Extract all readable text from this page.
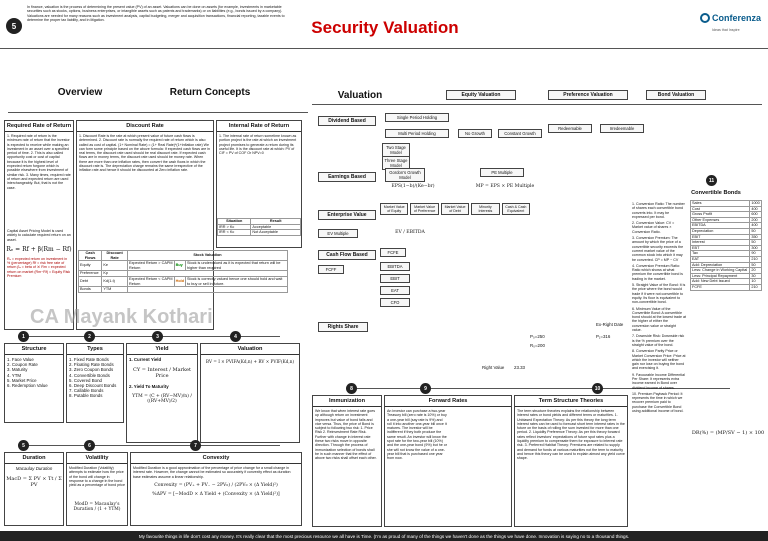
5
In finance, valuation is the process of determining the present value (PV) of an asset. Valuations can be done on assets (for example, investments in marketable securities such as stocks, options, business enterprises, or intangible assets such as patents and trademarks) or on liabilities (e.g., bonds issued by a company). Valuations are needed for many reasons such as investment analysis, capital budgeting, merger and acquisition transactions, financial reporting, taxable events to determine the proper tax liability, and in litigation.	Security Valuation	Conferenza
Ideas that Inspire
Overview	Return Concepts
Required Rate of Return
1. Required rate of return is the minimum rate of return that the investor is expected to receive while making an investment in an asset over a specified period of time. 2. This is also called opportunity cost or cost of capital because it is the highest level of expected return forgone which is possible elsewhere from investment of similar risk. 3. Many times, required rate of return and expected return are used interchangeably. But, that is not the case.
Capital Asset Pricing Model is used widely to calculate required return on an asset.
Rₑ = Rf + β(Rm − Rf)
Rₑ = expected return on investment in % (percentage) Rf = risk free rate of return βₐ = beta of 'a' Rm = expected return on market (Rm−Rf) = Equity Risk Premium
Discount Rate
1. Discount Rate is the rate at which present value of future cash flows is determined. 2. Discount rate is normally the required rate of return which is also called as cost of capital. (1+ Nominal Rate) = (1+ Real Rate)*(1+Inflation rate) We can form some principle based on the above formula: If expected cash flows are in real terms, the discount rate used should be real discount rate. If expected cash flows are in money terms, the discount rate used should be money rate. When there are more than one inflation rates, then convert the cash flows in which the discount rate is. The depreciation charge remains the same irrespective of the inflation rate and hence it should be discounted at Zero inflation rate.
Cash Flows	Discount Rate	Stock Valuation		
Equity	Ke	Expected Return > CAPM Return	Buy	Stock is undervalued as it is expected that return will be higher than required
Preference	Kp			
Debt	Kd(1-t)	Expected Return < CAPM Return	Hold	Stock is correctly valued hence one should hold and wait to buy or sell in future.
Bonds	YTM			
Internal Rate of Return
1. The internal rate of return sometime known as portion project is the rate at which an investment project promises to generate a return during its useful life. It is the discount rate at which: PV of CIF = PV of COF Or NPV=0
Situation	Result
IRR > Kc	Acceptable
IRR < Kc	Not Acceptable
CA Mayank Kothari
1	2	3	4
Structure
1. Face Value
2. Coupon Rate
3. Maturity
4. YTM
5. Market Price
6. Redemption Value
Types
1. Fixed Rate Bonds
2. Floating Rate Bonds
3. Zero Coupon Bonds
4. Convertible Bonds
5. Covered Bond
6. Deep Discount Bonds
7. Callable Bonds
8. Putable Bonds
Yield
1. Current Yield
CY = Interest / Market Price
2. Yield To Maturity
YTM = (C + (RV−MV)/n) / ((RV+MV)/2)
Valuation
BV = I × PVIFA(Kd,n) + RV × PVIF(Kd,n)
5	6	7
Duration
Macaulay Duration
MacD = Σ PV × Tt / Σ PV
Volatility
Modified Duration (Volatility) attempts to estimate how the price of the bond will change in response to a change in the bond yield as a percentage of bond price
ModD = Macaulay's Duration / (1 + YTM)
Convexity
Modified Duration is a good approximation of the percentage of price change for a small change in interest rate. However, the change cannot be estimated so accurately if convexity effect as duration base estimates assume a linear relationship.
Convexity = (PV₊ + PV₋ − 2PV₀) / (2PV₀ × (Δ Yield)²)
%ΔPV = [−ModD × Δ Yield + (Convexity × (Δ Yield)²)]
Valuation	Equity Valuation	Preference Valuation	Bond Valuation
Dividend Based
Single Period Holding
Multi Period Holding	No Growth	Constant Growth
Two Stage Model
Three Stage Model
Earnings Based
Gordon's Growth Model
EPS(1−b)/(Ke−br)
PE Multiple
MP = EPS × PE Multiple
Enterprise Value
Market Value of Equity
Market Value of Preference
Market Value of Debt
Minority Interests
Cash & Cash Equivalent
EV Multiple	EV / EBITDA
Cash Flow Based	FCFE
FCFF
EBITDA
EBIT
EAT
CFO
Rights Share	Ex-Right Date
Right Value
P₀=250	P₁=316
R₀=200
23.33
Redeemable	Irredeemable
8	9	10
Immunization
We know that when interest rate goes up although return on investment improves but value of bond falls and vice versa. Thus, the price of Bond is subject to following two risk: 1. Price Risk 2. Reinvestment Rate Risk. Further with change in interest rate these two risks move in opposite direction. Through the process of immunization selection of bonds shall be in such manner that the effect of above two risks shall offset each other.
Forward Rates
An investor can purchase a two-year Treasury bill (zero rate is 10%) or buy a one-year bill (say rate is 9%) and roll it into another one-year bill once it matures. The investor will be indifferent if they both produce the same result. An investor will know the spot rate for the two-year bill (10%) and the one-year bond (9%) but he or she will not know the value of a one-year bill that is purchased one year from now.
Term Structure Theories
The term structure theories explains the relationship between interest rates or bond yields and different terms or maturities. 1. Unbiased Expectation Theory: As per this theory the long term interest rates can be used to forecast short term interest rates in the future on the basis of rolling the sum invested for more than one period. 2. Liquidity Preference Theory: As per this theory forward rates reflect investors' expectations of future spot rates plus a liquidity premium to compensate them for exposure to interest rate risk. 3. Preferred Habitat Theory: Premiums are related to supply and demand for funds at various maturities not the term to maturity and hence this theory can be used to explain almost any yield curve shape.
11
Convertible Bonds
Sales	1000
Cost	400
Gross Profit	600
Other Expenses	200
EBITDA	400
Depreciation	50
EBIT	350
Interest	50
EBT	300
Tax	90
EAT	210
Add: Depreciation	50
Less: Change in Working Capital	20
Less: Principal Repayment	30
Add: New Debt Issued	10
FCFE	210
1. Conversion Ratio: The number of shares each convertible bond converts into. It may be expressed per bond.
2. Conversion Value: CV = Market value of shares × Conversion Ratio.
3. Conversion Premium: The amount by which the price of a convertible security exceeds the current market value of the common stock into which it may be converted. CP = MP − CV
4. Conversion Premium Ratio: Ratio which shows at what premium the convertible bond is trading in the market.
5. Straight Value of the Bond: It is the price where the bond would trade if it were not convertible to equity. Its floor is equivalent to non-convertible bond.
6. Minimum Value of the Convertible Bond: A convertible bond should at the lowest trade at the higher of either the conversion value or straight value.
7. Downside Risk: Downside risk is the % premium over the straight value of the bond.
8. Conversion Parity Price or Market Conversion Price: Price at which the investor will neither gain nor lose on buying the bond and exercising it.
9. Favourable Income Differential Per Share: It represents extra income earned in Bond over dividend income of shares.
10. Premium Payback Period: It represents the time in which we recover premium paid to purchase the Convertible Bond using additional income of bond.
DR(%) = (MP/SV − 1) × 100
My favourite things in life don't cost any money. It's really clear that the most precious resource we all have is Time. (I'm as proud of many of the things we haven't done as the things we have done. Innovation is saying no to a thousand things.
